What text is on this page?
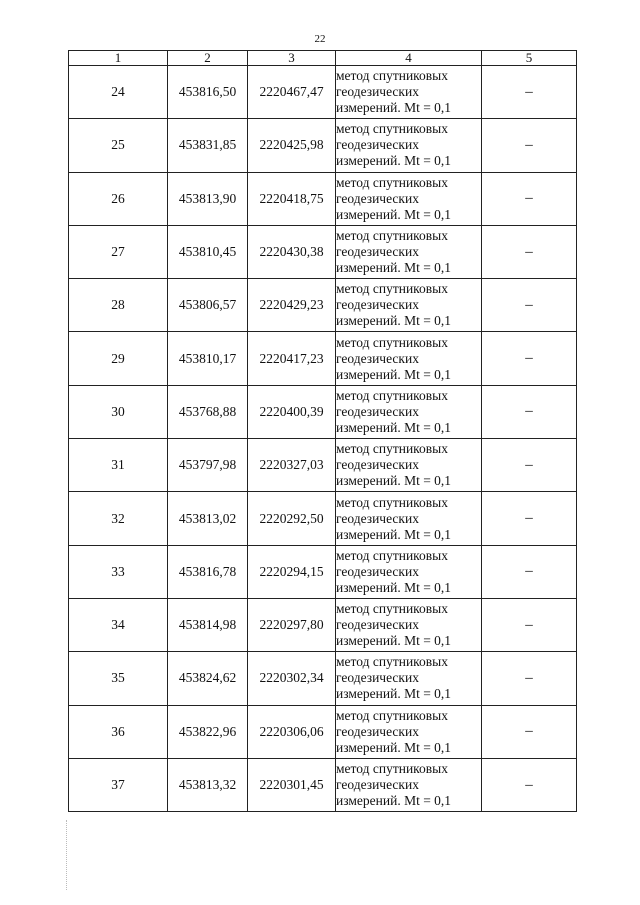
22
1	2	3	4	5
24	453816,50	2220467,47	метод спутниковых
геодезических
измерений. Mt = 0,1	–
25	453831,85	2220425,98	метод спутниковых
геодезических
измерений. Mt = 0,1	–
26	453813,90	2220418,75	метод спутниковых
геодезических
измерений. Mt = 0,1	–
27	453810,45	2220430,38	метод спутниковых
геодезических
измерений. Mt = 0,1	–
28	453806,57	2220429,23	метод спутниковых
геодезических
измерений. Mt = 0,1	–
29	453810,17	2220417,23	метод спутниковых
геодезических
измерений. Mt = 0,1	–
30	453768,88	2220400,39	метод спутниковых
геодезических
измерений. Mt = 0,1	–
31	453797,98	2220327,03	метод спутниковых
геодезических
измерений. Mt = 0,1	–
32	453813,02	2220292,50	метод спутниковых
геодезических
измерений. Mt = 0,1	–
33	453816,78	2220294,15	метод спутниковых
геодезических
измерений. Mt = 0,1	–
34	453814,98	2220297,80	метод спутниковых
геодезических
измерений. Mt = 0,1	–
35	453824,62	2220302,34	метод спутниковых
геодезических
измерений. Mt = 0,1	–
36	453822,96	2220306,06	метод спутниковых
геодезических
измерений. Mt = 0,1	–
37	453813,32	2220301,45	метод спутниковых
геодезических
измерений. Mt = 0,1	–
